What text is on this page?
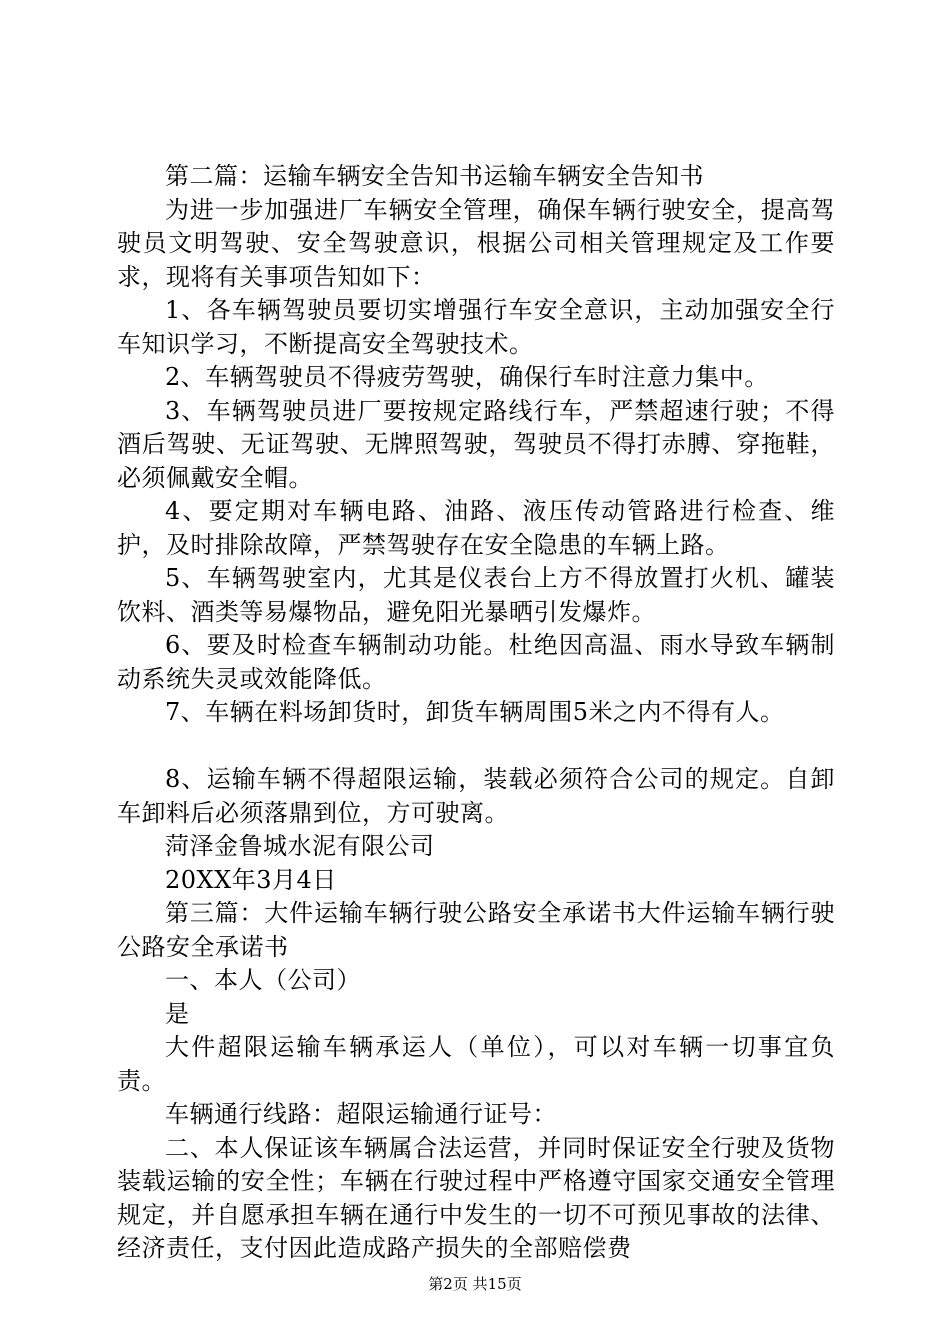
第二篇：运输车辆安全告知书运输车辆安全告知书

为进一步加强进厂车辆安全管理，确保车辆行驶安全，提高驾驶员文明驾驶、安全驾驶意识，根据公司相关管理规定及工作要求，现将有关事项告知如下：

1、各车辆驾驶员要切实增强行车安全意识，主动加强安全行车知识学习，不断提高安全驾驶技术。

2、车辆驾驶员不得疲劳驾驶，确保行车时注意力集中。

3、车辆驾驶员进厂要按规定路线行车，严禁超速行驶；不得酒后驾驶、无证驾驶、无牌照驾驶，驾驶员不得打赤膊、穿拖鞋，必须佩戴安全帽。

4、要定期对车辆电路、油路、液压传动管路进行检查、维护，及时排除故障，严禁驾驶存在安全隐患的车辆上路。

5、车辆驾驶室内，尤其是仪表台上方不得放置打火机、罐装饮料、酒类等易爆物品，避免阳光暴晒引发爆炸。

6、要及时检查车辆制动功能。杜绝因高温、雨水导致车辆制动系统失灵或效能降低。

7、车辆在料场卸货时，卸货车辆周围5米之内不得有人。

8、运输车辆不得超限运输，装载必须符合公司的规定。自卸车卸料后必须落鼎到位，方可驶离。

菏泽金鲁城水泥有限公司

20XX年3月4日

第三篇：大件运输车辆行驶公路安全承诺书大件运输车辆行驶公路安全承诺书

一、本人（公司）

是

大件超限运输车辆承运人（单位），可以对车辆一切事宜负责。

车辆通行线路：超限运输通行证号：

二、本人保证该车辆属合法运营，并同时保证安全行驶及货物装载运输的安全性；车辆在行驶过程中严格遵守国家交通安全管理规定，并自愿承担车辆在通行中发生的一切不可预见事故的法律、经济责任，支付因此造成路产损失的全部赔偿费

第2页 共15页
